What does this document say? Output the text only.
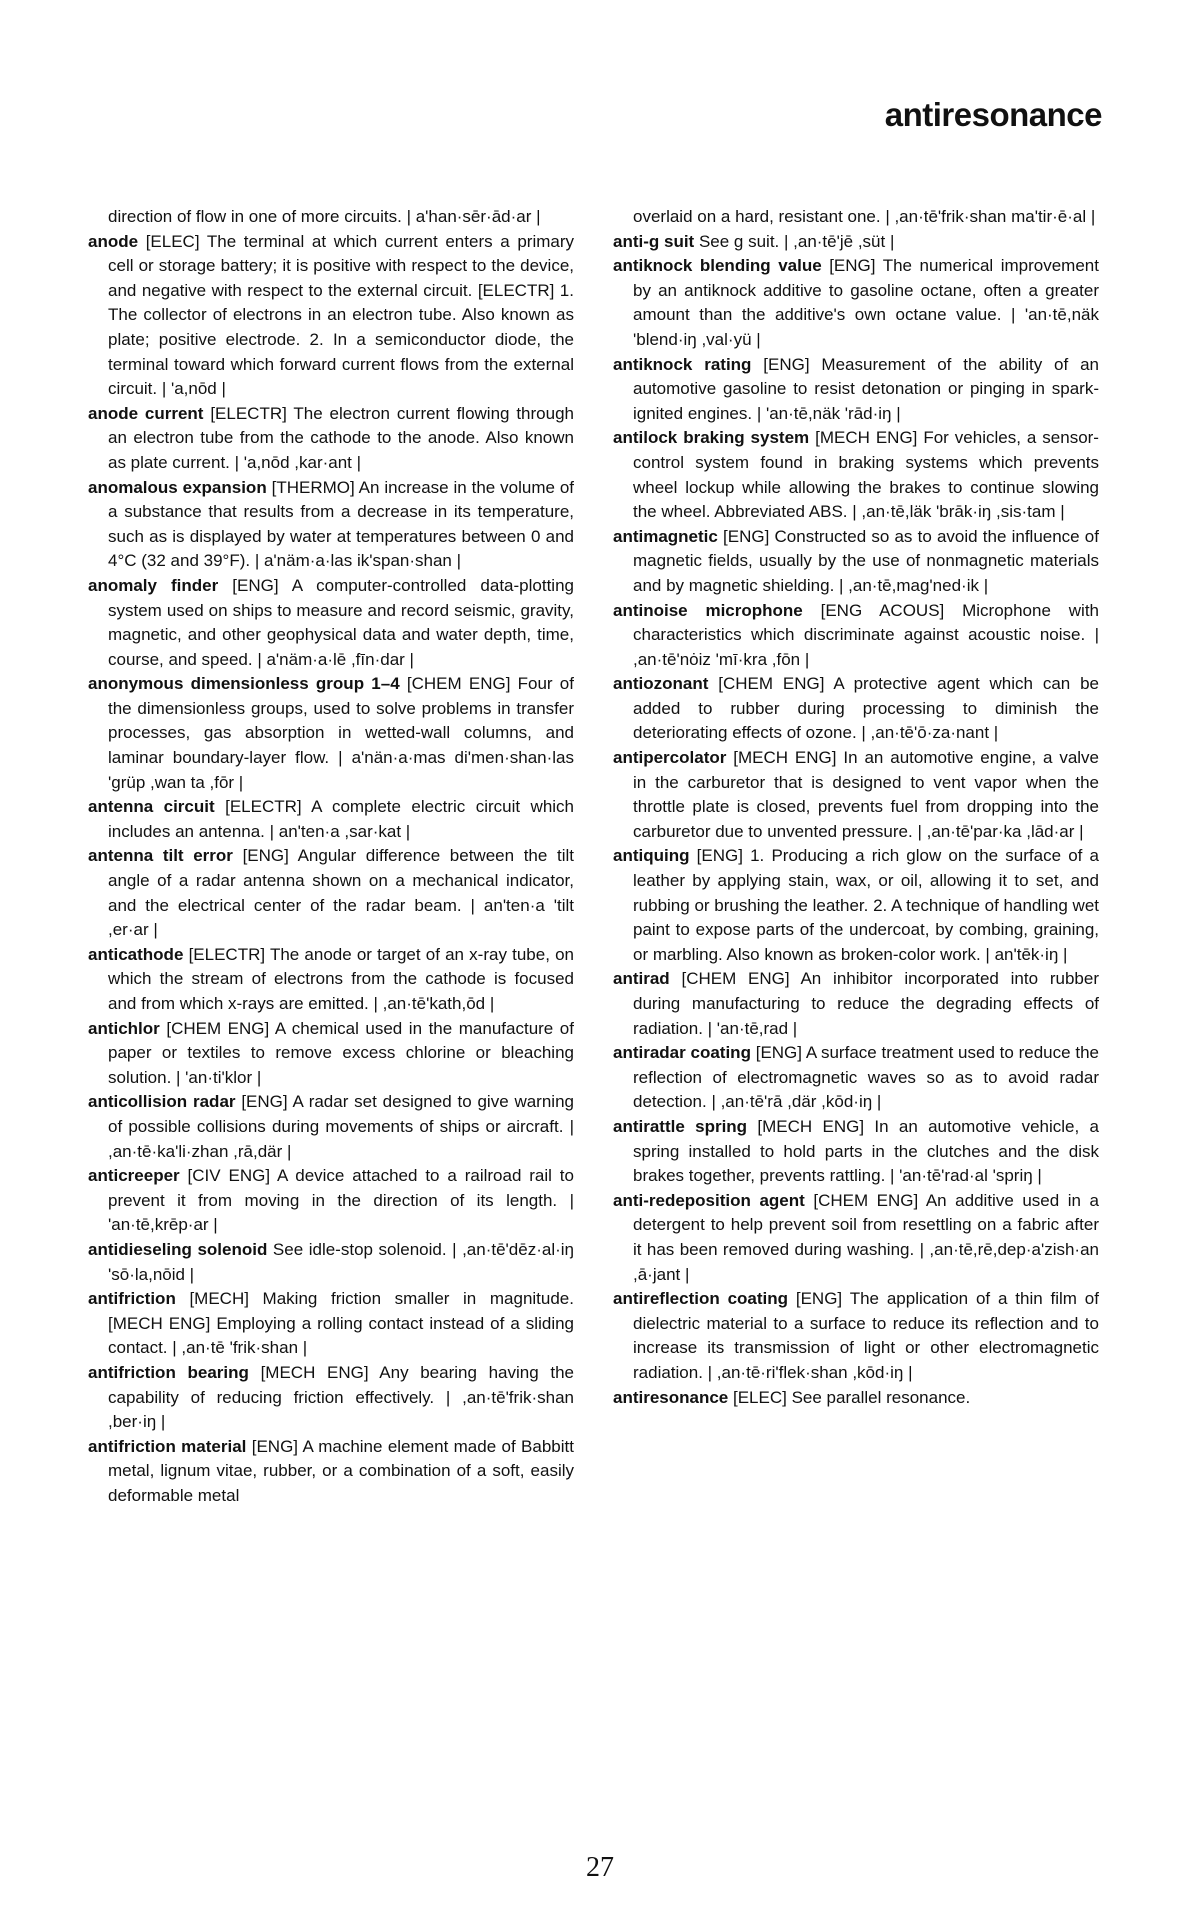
antiresonance

direction of flow in one of more circuits. | a'han·sēr·ād·ar |

anode [ELEC] The terminal at which current enters a primary cell or storage battery; it is positive with respect to the device, and negative with respect to the external circuit. [ELECTR] 1. The collector of electrons in an electron tube. Also known as plate; positive electrode. 2. In a semiconductor diode, the terminal toward which forward current flows from the external circuit. | 'a,nōd |

anode current [ELECTR] The electron current flowing through an electron tube from the cathode to the anode. Also known as plate current. | 'a,nōd ,kar·ant |

anomalous expansion [THERMO] An increase in the volume of a substance that results from a decrease in its temperature, such as is displayed by water at temperatures between 0 and 4°C (32 and 39°F). | a'näm·a·las ik'span·shan |

anomaly finder [ENG] A computer-controlled data-plotting system used on ships to measure and record seismic, gravity, magnetic, and other geophysical data and water depth, time, course, and speed. | a'näm·a·lē ,fīn·dar |

anonymous dimensionless group 1–4 [CHEM ENG] Four of the dimensionless groups, used to solve problems in transfer processes, gas absorption in wetted-wall columns, and laminar boundary-layer flow. | a'nän·a·mas di'men·shan·las 'grüp ,wan ta ,fōr |

antenna circuit [ELECTR] A complete electric circuit which includes an antenna. | an'ten·a ,sar·kat |

antenna tilt error [ENG] Angular difference between the tilt angle of a radar antenna shown on a mechanical indicator, and the electrical center of the radar beam. | an'ten·a 'tilt ,er·ar |

anticathode [ELECTR] The anode or target of an x-ray tube, on which the stream of electrons from the cathode is focused and from which x-rays are emitted. | ,an·tē'kath,ōd |

antichlor [CHEM ENG] A chemical used in the manufacture of paper or textiles to remove excess chlorine or bleaching solution. | 'an·ti'klor |

anticollision radar [ENG] A radar set designed to give warning of possible collisions during movements of ships or aircraft. | ,an·tē·ka'li·zhan ,rā,där |

anticreeper [CIV ENG] A device attached to a railroad rail to prevent it from moving in the direction of its length. | 'an·tē,krēp·ar |

antidieseling solenoid See idle-stop solenoid. | ,an·tē'dēz·al·iŋ 'sō·la,nōid |

antifriction [MECH] Making friction smaller in magnitude. [MECH ENG] Employing a rolling contact instead of a sliding contact. | ,an·tē 'frik·shan |

antifriction bearing [MECH ENG] Any bearing having the capability of reducing friction effectively. | ,an·tē'frik·shan ,ber·iŋ |

antifriction material [ENG] A machine element made of Babbitt metal, lignum vitae, rubber, or a combination of a soft, easily deformable metal

overlaid on a hard, resistant one. | ,an·tē'frik·shan ma'tir·ē·al |

anti-g suit See g suit. | ,an·tē'jē ,süt |

antiknock blending value [ENG] The numerical improvement by an antiknock additive to gasoline octane, often a greater amount than the additive's own octane value. | 'an·tē,näk 'blend·iŋ ,val·yü |

antiknock rating [ENG] Measurement of the ability of an automotive gasoline to resist detonation or pinging in spark-ignited engines. | 'an·tē,näk 'rād·iŋ |

antilock braking system [MECH ENG] For vehicles, a sensor-control system found in braking systems which prevents wheel lockup while allowing the brakes to continue slowing the wheel. Abbreviated ABS. | ,an·tē,läk 'brāk·iŋ ,sis·tam |

antimagnetic [ENG] Constructed so as to avoid the influence of magnetic fields, usually by the use of nonmagnetic materials and by magnetic shielding. | ,an·tē,mag'ned·ik |

antinoise microphone [ENG ACOUS] Microphone with characteristics which discriminate against acoustic noise. | ,an·tē'nȯiz 'mī·kra ,fōn |

antiozonant [CHEM ENG] A protective agent which can be added to rubber during processing to diminish the deteriorating effects of ozone. | ,an·tē'ō·za·nant |

antipercolator [MECH ENG] In an automotive engine, a valve in the carburetor that is designed to vent vapor when the throttle plate is closed, prevents fuel from dropping into the carburetor due to unvented pressure. | ,an·tē'par·ka ,lād·ar |

antiquing [ENG] 1. Producing a rich glow on the surface of a leather by applying stain, wax, or oil, allowing it to set, and rubbing or brushing the leather. 2. A technique of handling wet paint to expose parts of the undercoat, by combing, graining, or marbling. Also known as broken-color work. | an'tēk·iŋ |

antirad [CHEM ENG] An inhibitor incorporated into rubber during manufacturing to reduce the degrading effects of radiation. | 'an·tē,rad |

antiradar coating [ENG] A surface treatment used to reduce the reflection of electromagnetic waves so as to avoid radar detection. | ,an·tē'rā ,där ,kōd·iŋ |

antirattle spring [MECH ENG] In an automotive vehicle, a spring installed to hold parts in the clutches and the disk brakes together, prevents rattling. | 'an·tē'rad·al 'spriŋ |

anti-redeposition agent [CHEM ENG] An additive used in a detergent to help prevent soil from resettling on a fabric after it has been removed during washing. | ,an·tē,rē,dep·a'zish·an ,ā·jant |

antireflection coating [ENG] The application of a thin film of dielectric material to a surface to reduce its reflection and to increase its transmission of light or other electromagnetic radiation. | ,an·tē·ri'flek·shan ,kōd·iŋ |

antiresonance [ELEC] See parallel resonance.

27
